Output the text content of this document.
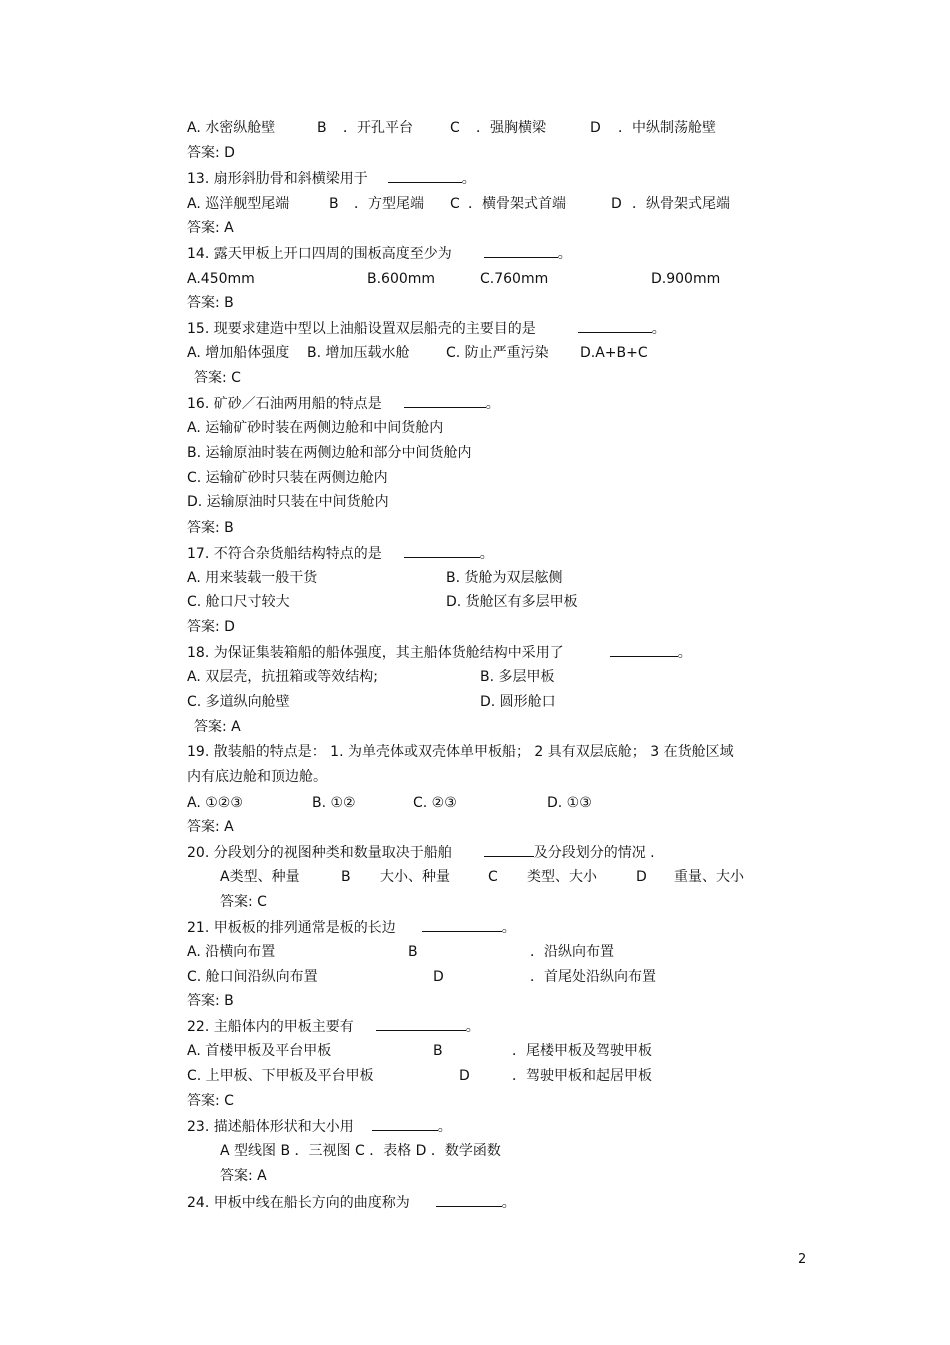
A. 水密纵舱壁	B ．开孔平台	C ．强胸横梁	D ．中纵制荡舱壁
答案: D
13. 扇形斜肋骨和斜横梁用于	。
A. 巡洋舰型尾端	B ．方型尾端 C ．横骨架式首端	D ．纵骨架式尾端
答案: A
14. 露天甲板上开口四周的围板高度至少为	。
A.450mm	B.600mm	C.760mm	D.900mm
答案: B
15. 现要求建造中型以上油船设置双层船壳的主要目的是	。
A. 增加船体强度 B. 增加压载水舱	C. 防止严重污染 D.A+B+C
答案: C
16. 矿砂／石油两用船的特点是	。
A. 运输矿砂时装在两侧边舱和中间货舱内
B. 运输原油时装在两侧边舱和部分中间货舱内
C. 运输矿砂时只装在两侧边舱内
D. 运输原油时只装在中间货舱内
答案: B
17. 不符合杂货船结构特点的是	。
A. 用来装载一般干货	B. 货舱为双层舷侧
C. 舱口尺寸较大	D. 货舱区有多层甲板
答案: D
18. 为保证集装箱船的船体强度，其主船体货舱结构中采用了	。
A. 双层壳，抗扭箱或等效结构;	B. 多层甲板
C. 多道纵向舱壁	D. 圆形舱口
答案: A
19. 散装船的特点是： 1. 为单壳体或双壳体单甲板船； 2 具有双层底舱； 3 在货舱区域
内有底边舱和顶边舱。
A. ①②③	B. ①②	C. ②③	D. ①③
答案: A
20. 分段划分的视图种类和数量取决于船舶	及分段划分的情况 .
A类型、种量	B 大小、种量	C 类型、大小	D 重量、大小
答案: C
21. 甲板板的排列通常是板的长边	。
A. 沿横向布置	B	．沿纵向布置
C. 舱口间沿纵向布置	D	．首尾处沿纵向布置
答案: B
22. 主船体内的甲板主要有	。
A. 首楼甲板及平台甲板	B	．尾楼甲板及驾驶甲板
C. 上甲板、下甲板及平台甲板	D	．驾驶甲板和起居甲板
答案: C
23. 描述船体形状和大小用	。
A 型线图 B ．三视图 C ．表格 D ．数学函数
答案: A
24. 甲板中线在船长方向的曲度称为	。
2
